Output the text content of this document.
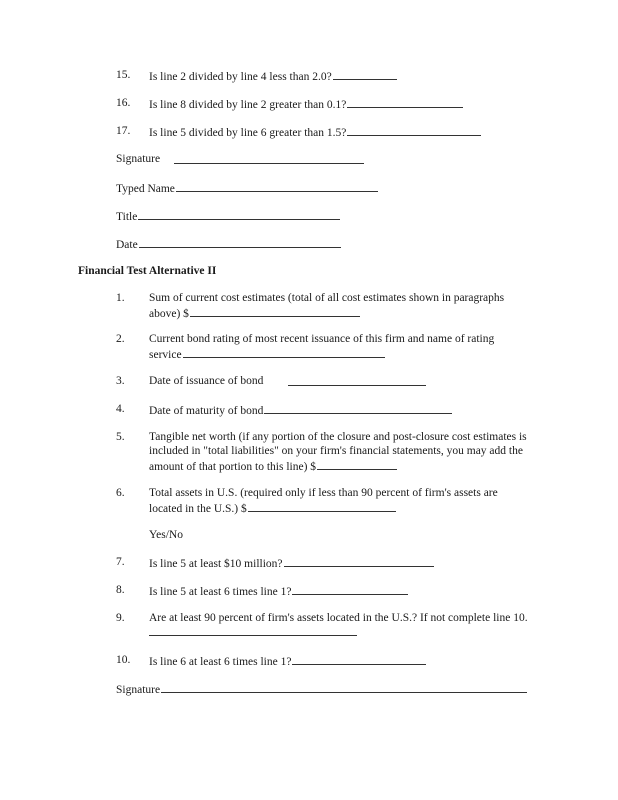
15.	Is line 2 divided by line 4 less than 2.0?
16.	Is line 8 divided by line 2 greater than 0.1?
17.	Is line 5 divided by line 6 greater than 1.5?
Signature
Typed Name
Title
Date
Financial Test Alternative II
1.	Sum of current cost estimates (total of all cost estimates shown in paragraphs
above) $
2.	Current bond rating of most recent issuance of this firm and name of rating
service
3.	Date of issuance of bond
4.	Date of maturity of bond
5.	Tangible net worth (if any portion of the closure and post-closure cost estimates is
included in "total liabilities" on your firm's financial statements, you may add the
amount of that portion to this line) $
6.	Total assets in U.S. (required only if less than 90 percent of firm's assets are
located in the U.S.) $
Yes/No
7.	Is line 5 at least $10 million?
8.	Is line 5 at least 6 times line 1?
9.	Are at least 90 percent of firm's assets located in the U.S.? If not complete line 10.
10.	Is line 6 at least 6 times line 1?
Signature
